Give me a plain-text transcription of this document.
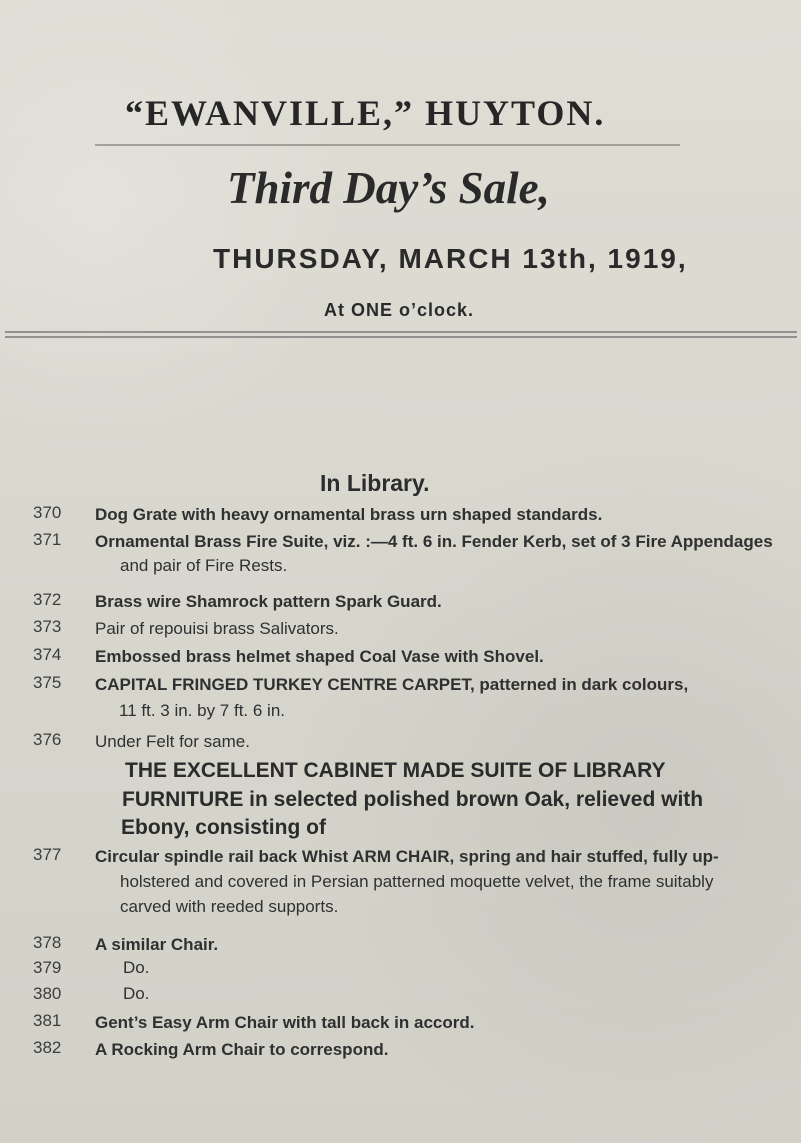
“EWANVILLE,” HUYTON.
Third Day’s Sale,
THURSDAY, MARCH 13th, 1919,
At ONE o’clock.
In Library.
370	Dog Grate with heavy ornamental brass urn shaped standards.
371	Ornamental Brass Fire Suite, viz. :—4 ft. 6 in. Fender Kerb, set of 3 Fire Appendages
and pair of Fire Rests.
372	Brass wire Shamrock pattern Spark Guard.
373	Pair of repouisi brass Salivators.
374	Embossed brass helmet shaped Coal Vase with Shovel.
375	CAPITAL FRINGED TURKEY CENTRE CARPET, patterned in dark colours,
11 ft. 3 in. by 7 ft. 6 in.
376	Under Felt for same.
THE EXCELLENT CABINET MADE SUITE OF LIBRARY
FURNITURE in selected polished brown Oak, relieved with
Ebony, consisting of
377	Circular spindle rail back Whist ARM CHAIR, spring and hair stuffed, fully up-
holstered and covered in Persian patterned moquette velvet, the frame suitably
carved with reeded supports.
378	A similar Chair.
379	Do.
380	Do.
381	Gent’s Easy Arm Chair with tall back in accord.
382	A Rocking Arm Chair to correspond.
